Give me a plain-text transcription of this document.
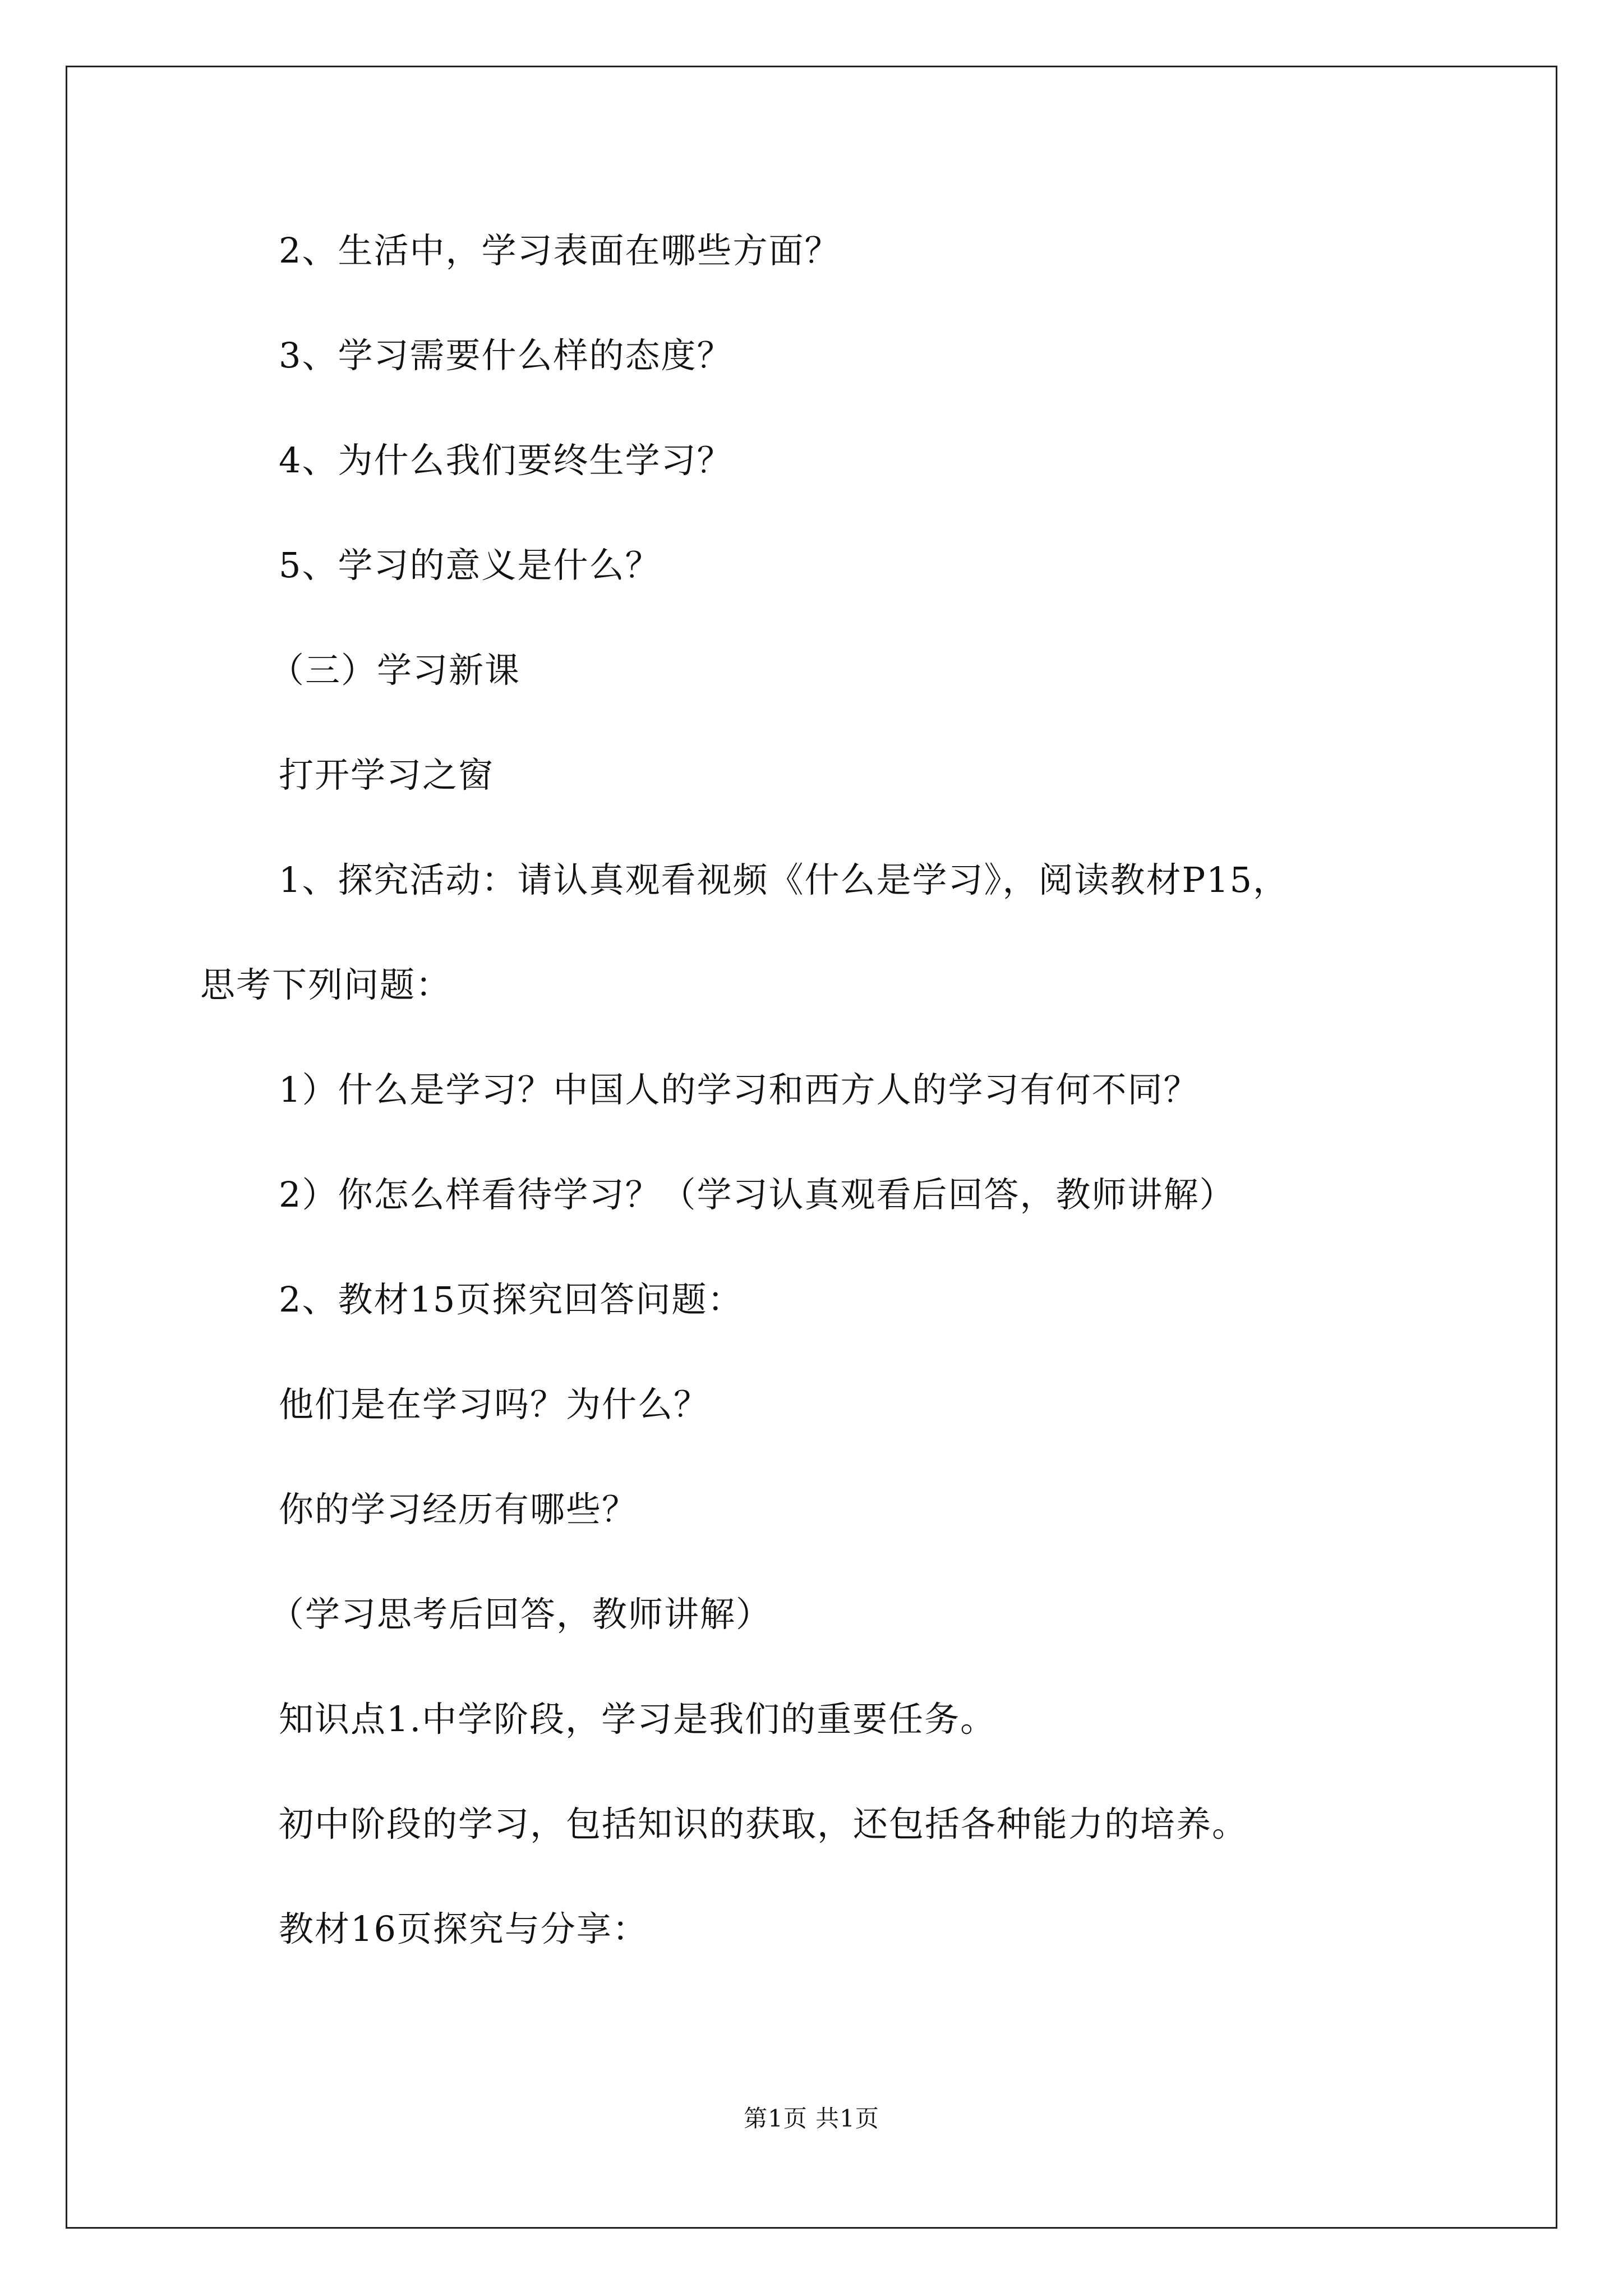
2、生活中，学习表面在哪些方面？
3、学习需要什么样的态度？
4、为什么我们要终生学习？
5、学习的意义是什么？
（三）学习新课
打开学习之窗
1、探究活动：请认真观看视频《什么是学习》，阅读教材P15，
思考下列问题：
1）什么是学习？中国人的学习和西方人的学习有何不同？
2）你怎么样看待学习？（学习认真观看后回答，教师讲解）
2、教材15页探究回答问题：
他们是在学习吗？为什么？
你的学习经历有哪些？
（学习思考后回答，教师讲解）
知识点1.中学阶段，学习是我们的重要任务。
初中阶段的学习，包括知识的获取，还包括各种能力的培养。
教材16页探究与分享：
第1页 共1页
